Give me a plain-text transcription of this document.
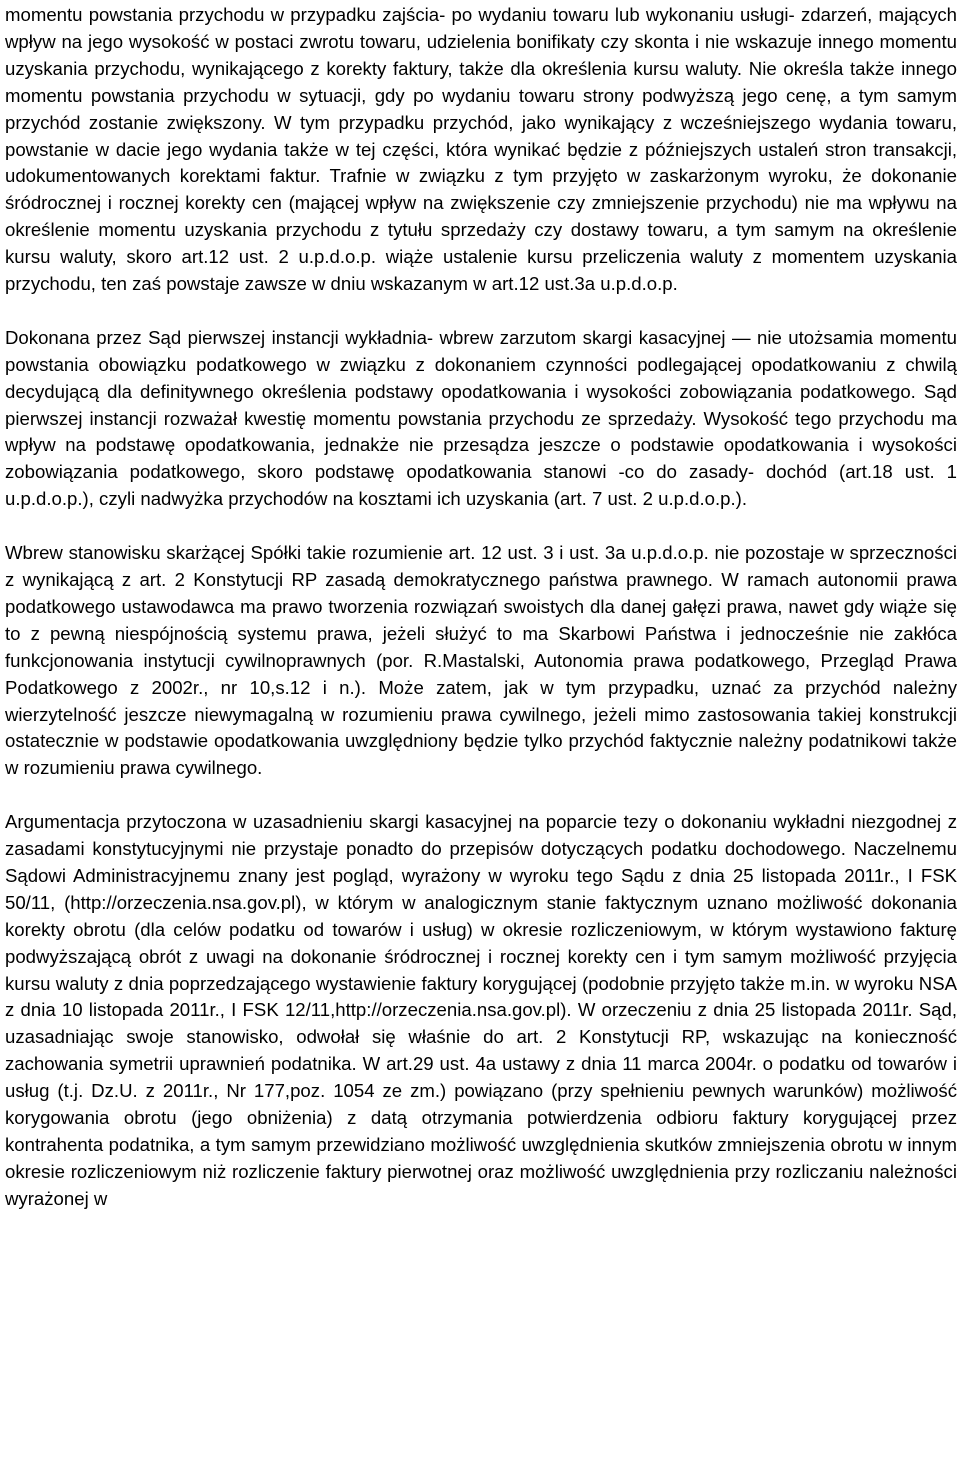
momentu powstania przychodu w przypadku zajścia- po wydaniu towaru lub wykonaniu usługi- zdarzeń, mających wpływ na jego wysokość w postaci zwrotu towaru, udzielenia bonifikaty czy skonta i nie wskazuje innego momentu uzyskania przychodu, wynikającego z korekty faktury, także dla określenia kursu waluty. Nie określa także innego momentu powstania przychodu w sytuacji, gdy po wydaniu towaru strony podwyższą jego cenę, a tym samym przychód zostanie zwiększony. W tym przypadku przychód, jako wynikający z wcześniejszego wydania towaru, powstanie w dacie jego wydania także w tej części, która wynikać będzie z późniejszych ustaleń stron transakcji, udokumentowanych korektami faktur. Trafnie w związku z tym przyjęto w zaskarżonym wyroku, że dokonanie śródrocznej i rocznej korekty cen (mającej wpływ na zwiększenie czy zmniejszenie przychodu) nie ma wpływu na określenie momentu uzyskania przychodu z tytułu sprzedaży czy dostawy towaru, a tym samym na określenie kursu waluty, skoro art.12 ust. 2 u.p.d.o.p. wiąże ustalenie kursu przeliczenia waluty z momentem uzyskania przychodu, ten zaś powstaje zawsze w dniu wskazanym w art.12 ust.3a u.p.d.o.p.

Dokonana przez Sąd pierwszej instancji wykładnia- wbrew zarzutom skargi kasacyjnej — nie utożsamia momentu powstania obowiązku podatkowego w związku z dokonaniem czynności podlegającej opodatkowaniu z chwilą decydującą dla definitywnego określenia podstawy opodatkowania i wysokości zobowiązania podatkowego. Sąd pierwszej instancji rozważał kwestię momentu powstania przychodu ze sprzedaży. Wysokość tego przychodu ma wpływ na podstawę opodatkowania, jednakże nie przesądza jeszcze o podstawie opodatkowania i wysokości zobowiązania podatkowego, skoro podstawę opodatkowania stanowi -co do zasady- dochód (art.18 ust. 1 u.p.d.o.p.), czyli nadwyżka przychodów na kosztami ich uzyskania (art. 7 ust. 2 u.p.d.o.p.).

Wbrew stanowisku skarżącej Spółki takie rozumienie art. 12 ust. 3 i ust. 3a u.p.d.o.p. nie pozostaje w sprzeczności z wynikającą z art. 2 Konstytucji RP zasadą demokratycznego państwa prawnego. W ramach autonomii prawa podatkowego ustawodawca ma prawo tworzenia rozwiązań swoistych dla danej gałęzi prawa, nawet gdy wiąże się to z pewną niespójnością systemu prawa, jeżeli służyć to ma Skarbowi Państwa i jednocześnie nie zakłóca funkcjonowania instytucji cywilnoprawnych (por. R.Mastalski, Autonomia prawa podatkowego, Przegląd Prawa Podatkowego z 2002r., nr 10,s.12 i n.). Może zatem, jak w tym przypadku, uznać za przychód należny wierzytelność jeszcze niewymagalną w rozumieniu prawa cywilnego, jeżeli mimo zastosowania takiej konstrukcji ostatecznie w podstawie opodatkowania uwzględniony będzie tylko przychód faktycznie należny podatnikowi także w rozumieniu prawa cywilnego.

Argumentacja przytoczona w uzasadnieniu skargi kasacyjnej na poparcie tezy o dokonaniu wykładni niezgodnej z zasadami konstytucyjnymi nie przystaje ponadto do przepisów dotyczących podatku dochodowego. Naczelnemu Sądowi Administracyjnemu znany jest pogląd, wyrażony w wyroku tego Sądu z dnia 25 listopada 2011r., I FSK 50/11, (http://orzeczenia.nsa.gov.pl), w którym w analogicznym stanie faktycznym uznano możliwość dokonania korekty obrotu (dla celów podatku od towarów i usług) w okresie rozliczeniowym, w którym wystawiono fakturę podwyższającą obrót z uwagi na dokonanie śródrocznej i rocznej korekty cen i tym samym możliwość przyjęcia kursu waluty z dnia poprzedzającego wystawienie faktury korygującej (podobnie przyjęto także m.in. w wyroku NSA z dnia 10 listopada 2011r., I FSK 12/11,http://orzeczenia.nsa.gov.pl). W orzeczeniu z dnia 25 listopada 2011r. Sąd, uzasadniając swoje stanowisko, odwołał się właśnie do art. 2 Konstytucji RP, wskazując na konieczność zachowania symetrii uprawnień podatnika. W art.29 ust. 4a ustawy z dnia 11 marca 2004r. o podatku od towarów i usług (t.j. Dz.U. z 2011r., Nr 177,poz. 1054 ze zm.) powiązano (przy spełnieniu pewnych warunków) możliwość korygowania obrotu (jego obniżenia) z datą otrzymania potwierdzenia odbioru faktury korygującej przez kontrahenta podatnika, a tym samym przewidziano możliwość uwzględnienia skutków zmniejszenia obrotu w innym okresie rozliczeniowym niż rozliczenie faktury pierwotnej oraz możliwość uwzględnienia przy rozliczaniu należności wyrażonej w
